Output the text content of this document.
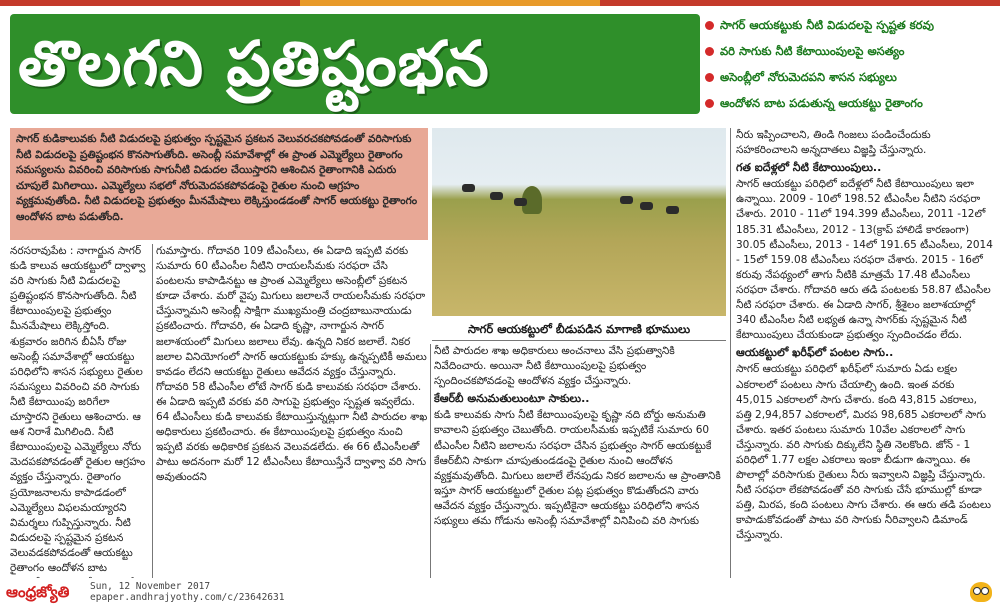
తొలగని ప్రతిష్టంభన
సాగర్ ఆయకట్టుకు నీటి విడుదలపై స్పష్టత కరవు
వరి సాగుకు నీటి కేటాయింపులపై అసత్యం
అసెంబ్లీలో నోరుమెదపని శాసన సభ్యులు
ఆందోళన బాట పడుతున్న ఆయకట్టు రైతాంగం
సాగర్ కుడికాలువకు నీటి విడుదలపై ప్రభుత్వం స్పష్టమైన ప్రకటన వెలువరచకపోవడంతో వరిసాగుకు నీటి విడుదలపై ప్రతిష్టంభన కొనసాగుతోంది. అసెంబ్లీ సమావేశాల్లో ఈ ప్రాంత ఎమ్మెల్యేలు రైతాంగం సమస్యలను వివరించి వరిసాగుకు సాగునీటి విడుదల చేయిస్తారని ఆశించిన రైతాంగానికి ఎదురు చూపులే మిగిలాయి. ఎమ్మెల్యేలు సభలో నోరుమెదపకపోవడంపై రైతుల నుంచి ఆగ్రహం వ్యక్తమవుతోంది. నీటి విడుదలపై ప్రభుత్వం మీనమేషాలు లెక్కిస్తుండడంతో సాగర్ ఆయకట్టు రైతాంగం ఆందోళన బాట పడుతోంది.
సాగర్ ఆయకట్టులో బీడుపడిన మాగాణి భూములు

నరసరావుపేట : నాగార్జున సాగర్ కుడి కాలువ ఆయకట్టులో ద్వాళ్వా వరి సాగుకు నీటి విడుదలపై ప్రతిష్టంభన కొనసాగుతోంది. నీటి కేటాయింపులపై ప్రభుత్వం మీనమేషాలు లెక్కిస్తోంది. శుక్రవారం జరిగిన బీఏసీ రోజు అసెంబ్లీ సమావేశాల్లో ఆయకట్టు పరిధిలోని శాసన సభ్యులు రైతుల సమస్యలు వివరించి వరి సాగుకు నీటి కేటాయింపు జరిగేలా చూస్తారని రైతులు ఆశించారు. ఆ ఆశ నిరాశే మిగిలింది. నీటి కేటాయింపులపై ఎమ్మెల్యేలు నోరు మెదపకపోవడంతో రైతుల ఆగ్రహం వ్యక్తం చేస్తున్నారు. రైతాంగం ప్రయోజనాలను కాపాడడంలో ఎమ్మెల్యేలు విఫలమయ్యారని విమర్శలు గుప్పిస్తున్నారు. నీటి విడుదలపై స్పష్టమైన ప్రకటన వెలువడకపోవడంతో ఆయకట్టు రైతాంగం ఆందోళన బాట

గుమాస్తారు. గోదావరి 109 టీఎంసీలు, ఈ ఏడాది ఇప్పటి వరకు సుమారు 60 టీఎంసీల నీటిని రాయలసీమకు సరఫరా చేసి పంటలను కాపాడినట్టు ఆ ప్రాంత ఎమ్మెల్యేలు అసెంబ్లీలో ప్రకటన కూడా చేశారు. మరో వైపు మిగులు జలాలనే రాయలసీమకు సరఫరా చేస్తున్నామని అసెంబ్లీ సాక్షిగా ముఖ్యమంత్రి చంద్రబాబునాయుడు ప్రకటించారు. గోదావరి, ఈ ఏడాది కృష్ణా, నాగార్జున సాగర్ జలాశయంలో మిగులు జలాలు లేవు. ఉన్నది నికర జలాలే. నికర జలాల వినియోగంలో సాగర్ ఆయకట్టుకు హక్కు ఉన్నప్పటికీ అమలు కావడం లేదని ఆయకట్టు రైతులు ఆవేదన వ్యక్తం చేస్తున్నారు. గోదావరి 58 టీఎంసీల లోటే సాగర్ కుడి కాలువకు సరఫరా చేశారు. ఈ ఏడాది ఇప్పటి వరకు వరి సాగుపై ప్రభుత్వం స్పష్టత ఇవ్వలేదు. 64 టీఎంసీలు కుడి కాలువకు కేటాయిస్తున్నట్లుగా నీటి పారుదల శాఖ అధికారులు ప్రకటించారు. ఈ కేటాయింపులపై ప్రభుత్వం నుంచి ఇప్పటి వరకు అధికారిక ప్రకటన వెలువడలేదు. ఈ 66 టీఎంసీలతో పాటు అదనంగా మరో 12 టీఎంసీలు కేటాయిస్తేనే ద్వాళ్వా వరి సాగు అవుతుందని

నీటి పారుదల శాఖ అధికారులు అంచనాలు వేసి ప్రభుత్వానికి నివేదించారు. అయినా నీటి కేటాయింపులపై ప్రభుత్వం స్పందించకపోవడంపై ఆందోళన వ్యక్తం చేస్తున్నారు.

కేఆర్‌బీ అనుమతులుంటూ సాకులు..

కుడి కాలువకు సాగు నీటి కేటాయింపులపై కృష్ణా నది బోర్డు అనుమతి కావాలని ప్రభుత్వం చెబుతోంది. రాయలసీమకు ఇప్పటికే సుమారు 60 టీఎంసీల నీటిని జలాలను సరఫరా చేసిన ప్రభుత్వం సాగర్ ఆయకట్టుకే కేఆర్‌బీని సాకుగా చూపుతుండడంపై రైతుల నుంచి ఆందోళన వ్యక్తమవుతోంది. మిగులు జలాలే లేనపుడు నికర జలాలను ఆ ప్రాంతానికి ఇస్తూ సాగర్ ఆయకట్టులో రైతుల పట్ల ప్రభుత్వం కొడుతోందని వారు ఆవేదన వ్యక్తం చేస్తున్నారు. ఇప్పటికైనా ఆయకట్టు పరిధిలోని శాసన సభ్యులు తమ గోడును అసెంబ్లీ సమావేశాల్లో వినిపించి వరి సాగుకు

నీరు ఇప్పించాలని, తిండి గింజలు పండించేందుకు సహకరించాలని అన్నదాతలు విజ్ఞప్తి చేస్తున్నారు.

గత ఐదేళ్లలో నీటి కేటాయింపులు..

సాగర్ ఆయకట్టు పరిధిలో ఐదేళ్లలో నీటి కేటాయింపులు ఇలా ఉన్నాయి. 2009 - 10లో 198.52 టీఎంసీల నీటిని సరఫరా చేశారు. 2010 - 11లో 194.399 టీఎంసీలు, 2011 -12లో 185.31 టీఎంసీలు, 2012 - 13(క్రాప్ హాలిడే కారణంగా) 30.05 టీఎంసీలు, 2013 - 14లో 191.65 టీఎంసీలు, 2014 - 15లో 159.08 టీఎంసీలు సరఫరా చేశారు. 2015 - 16లో కరువు నేపథ్యంలో తాగు నీటికి మాత్రమే 17.48 టీఎంసీలు సరఫరా చేశారు. గోదావరి ఆరు తడి పంటలకు 58.87 టీఎంసీల నీటి సరఫరా చేశారు. ఈ ఏడాది సాగర్, శ్రీశైలం జలాశయాల్లో 340 టీఎంసీల నీటి లభ్యత ఉన్నా సాగర్‌కు స్పష్టమైన నీటి కేటాయింపులు చేయకుండా ప్రభుత్వం స్పందించడం లేదు.

ఆయకట్టులో ఖరీఫ్‌లో పంటల సాగు..

సాగర్ ఆయకట్టు పరిధిలో ఖరీఫ్‌లో సుమారు ఏడు లక్షల ఎకరాలలో పంటలు సాగు చేయాల్సి ఉంది. ఇంత వరకు 45,015 ఎకరాలలో సాగు చేశారు. కంది 43,815 ఎకరాలు, పత్తి 2,94,857 ఎకరాలలో, మిరప 98,685 ఎకరాలలో సాగు చేశారు. ఇతర పంటలు సుమారు 10వేల ఎకరాలలో సాగు చేస్తున్నారు. వరి సాగుకు దిక్కులేని స్థితి నెలకొంది. జోన్ - 1 పరిధిలో 1.77 లక్షల ఎకరాలు ఇంకా బీడుగా ఉన్నాయి. ఈ పొలాల్లో వరిసాగుకు రైతులు నీరు ఇవ్వాలని విజ్ఞప్తి చేస్తున్నారు. నీటి సరఫరా లేకపోవడంతో వరి సాగుకు చేసే భూముల్లో కూడా పత్తి, మిరప, కంది పంటలు సాగు చేశారు. ఈ ఆరు తడి పంటలు కాపాడుకోవడంతో పాటు వరి సాగుకు నీరివ్వాలని డిమాండ్ చేస్తున్నారు.

ఆంధ్రజ్యోతి	Sun, 12 November 2017
epaper.andhrajyothy.com/c/23642631
